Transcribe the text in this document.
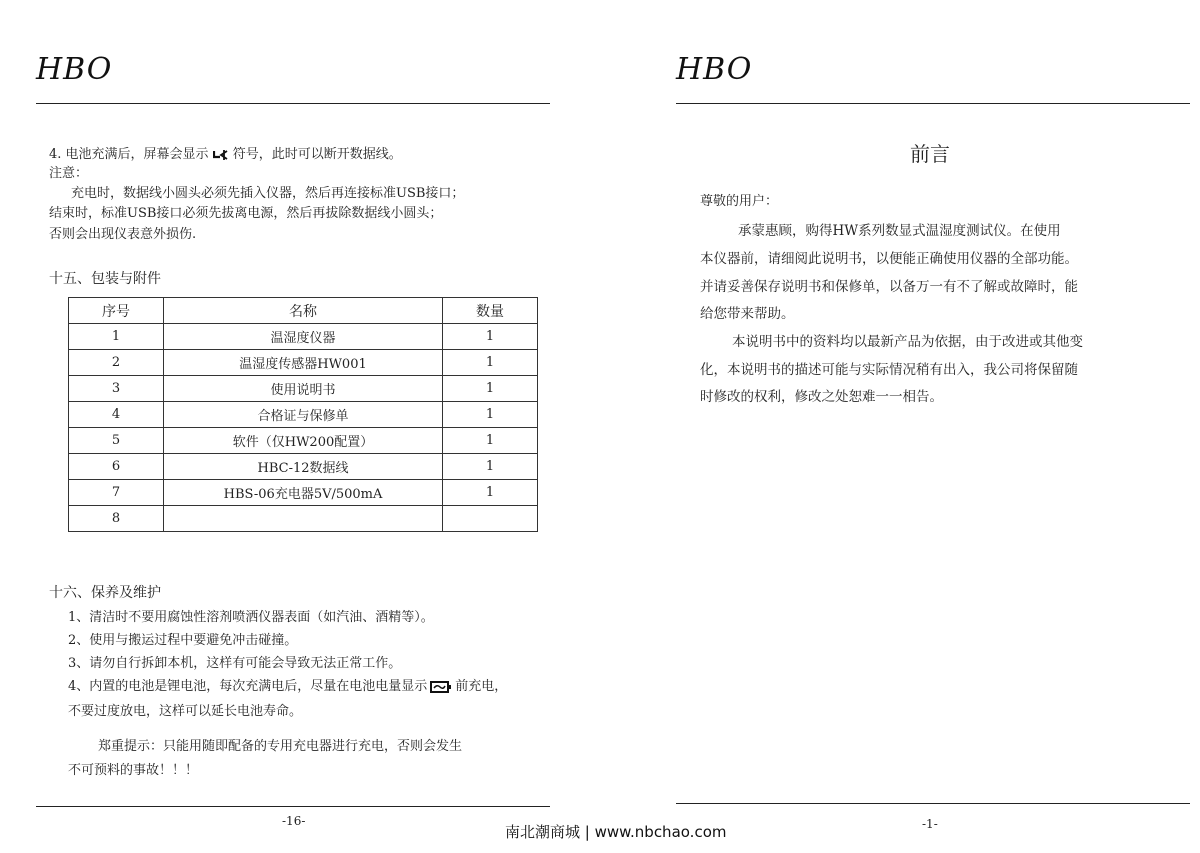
HBO
4. 电池充满后，屏幕会显示  符号，此时可以断开数据线。
注意：
充电时，数据线小圆头必须先插入仪器，然后再连接标准USB接口；
结束时，标准USB接口必须先拔离电源，然后再拔除数据线小圆头；
否则会出现仪表意外损伤.
十五、包装与附件
序号	名称	数量
1	温湿度仪器	1
2	温湿度传感器HW001	1
3	使用说明书	1
4	合格证与保修单	1
5	软件（仅HW200配置）	1
6	HBC-12数据线	1
7	HBS-06充电器5V/500mA	1
8		
十六、保养及维护
1、清洁时不要用腐蚀性溶剂喷洒仪器表面（如汽油、酒精等）。
2、使用与搬运过程中要避免冲击碰撞。
3、请勿自行拆卸本机，这样有可能会导致无法正常工作。
4、内置的电池是锂电池，每次充满电后，尽量在电池电量显示 前充电，
不要过度放电，这样可以延长电池寿命。
郑重提示：只能用随即配备的专用充电器进行充电，否则会发生
不可预料的事故！！！
-16-
HBO
前言
尊敬的用户：
承蒙惠顾，购得HW系列数显式温湿度测试仪。在使用
本仪器前，请细阅此说明书，以便能正确使用仪器的全部功能。
并请妥善保存说明书和保修单，以备万一有不了解或故障时，能
给您带来帮助。
本说明书中的资料均以最新产品为依据，由于改进或其他变
化，本说明书的描述可能与实际情况稍有出入，我公司将保留随
时修改的权利，修改之处恕难一一相告。
-1-
南北潮商城 | www.nbchao.com
